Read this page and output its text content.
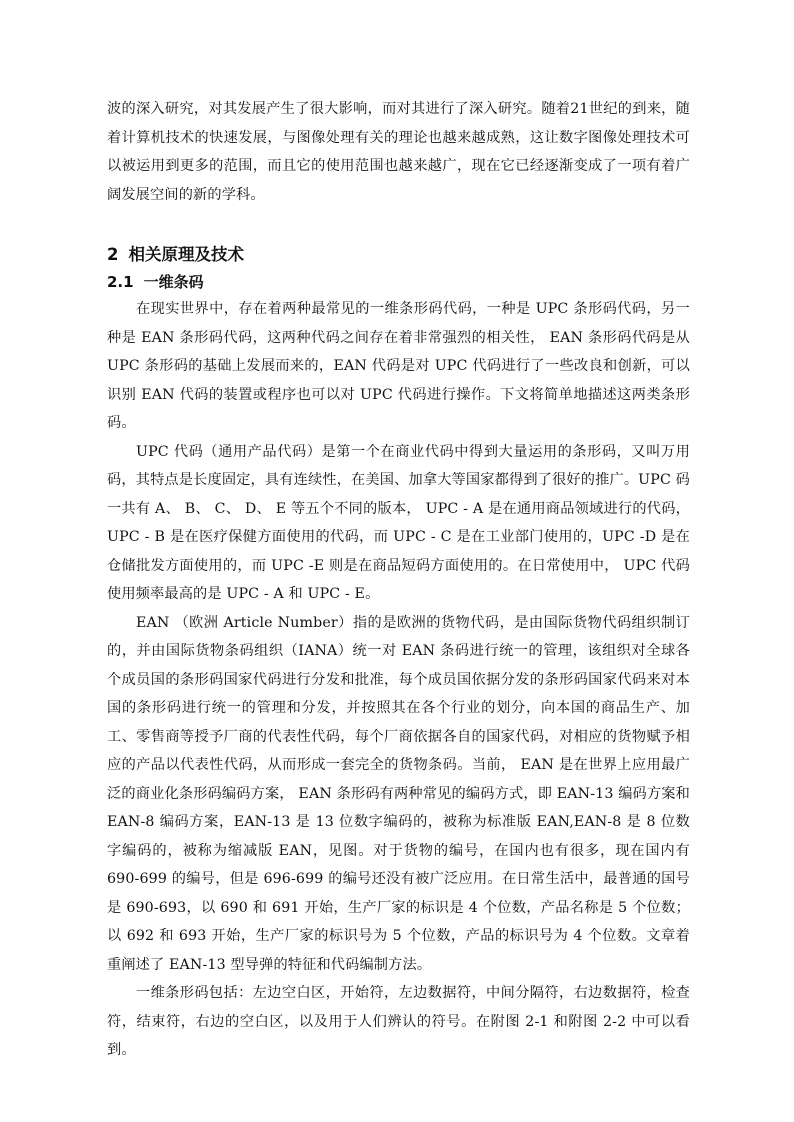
波的深入研究，对其发展产生了很大影响，而对其进行了深入研究。随着21世纪的到来，随着计算机技术的快速发展，与图像处理有关的理论也越来越成熟，这让数字图像处理技术可以被运用到更多的范围，而且它的使用范围也越来越广，现在它已经逐渐变成了一项有着广阔发展空间的新的学科。

2 相关原理及技术
2.1 一维条码

在现实世界中，存在着两种最常见的一维条形码代码，一种是 UPC 条形码代码，另一种是 EAN 条形码代码，这两种代码之间存在着非常强烈的相关性， EAN 条形码代码是从 UPC 条形码的基础上发展而来的，EAN 代码是对 UPC 代码进行了一些改良和创新，可以识别 EAN 代码的装置或程序也可以对 UPC 代码进行操作。下文将简单地描述这两类条形码。

UPC 代码（通用产品代码）是第一个在商业代码中得到大量运用的条形码，又叫万用码，其特点是长度固定，具有连续性，在美国、加拿大等国家都得到了很好的推广。UPC 码一共有 A、 B、 C、 D、 E 等五个不同的版本， UPC - A 是在通用商品领域进行的代码，UPC - B 是在医疗保健方面使用的代码，而 UPC - C 是在工业部门使用的，UPC -D 是在仓储批发方面使用的，而 UPC -E 则是在商品短码方面使用的。在日常使用中， UPC 代码使用频率最高的是 UPC - A 和 UPC - E。

EAN （欧洲 Article Number）指的是欧洲的货物代码，是由国际货物代码组织制订的，并由国际货物条码组织（IANA）统一对 EAN 条码进行统一的管理，该组织对全球各个成员国的条形码国家代码进行分发和批准，每个成员国依据分发的条形码国家代码来对本国的条形码进行统一的管理和分发，并按照其在各个行业的划分，向本国的商品生产、加工、零售商等授予厂商的代表性代码，每个厂商依据各自的国家代码，对相应的货物赋予相应的产品以代表性代码，从而形成一套完全的货物条码。当前， EAN 是在世界上应用最广泛的商业化条形码编码方案， EAN 条形码有两种常见的编码方式，即 EAN-13 编码方案和 EAN-8 编码方案，EAN-13 是 13 位数字编码的，被称为标准版 EAN,EAN-8 是 8 位数字编码的，被称为缩减版 EAN，见图。对于货物的编号，在国内也有很多，现在国内有 690-699 的编号，但是 696-699 的编号还没有被广泛应用。在日常生活中，最普通的国号是 690-693，以 690 和 691 开始，生产厂家的标识是 4 个位数，产品名称是 5 个位数；以 692 和 693 开始，生产厂家的标识号为 5 个位数，产品的标识号为 4 个位数。文章着重阐述了 EAN-13 型导弹的特征和代码编制方法。

一维条形码包括：左边空白区，开始符，左边数据符，中间分隔符，右边数据符，检查符，结束符，右边的空白区，以及用于人们辨认的符号。在附图 2-1 和附图 2-2 中可以看到。
